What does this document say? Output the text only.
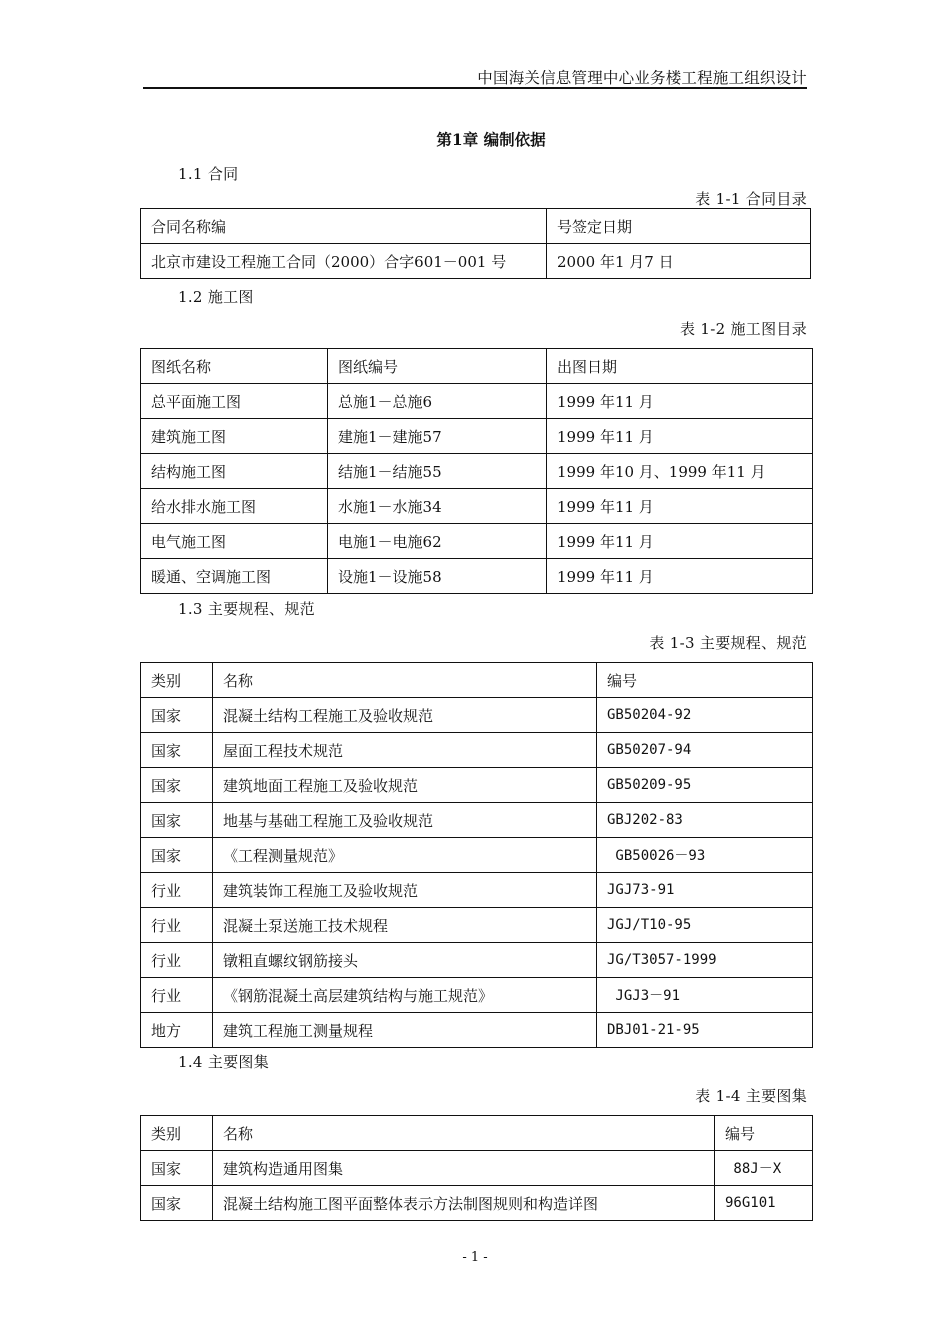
中国海关信息管理中心业务楼工程施工组织设计
第1章 编制依据
1.1 合同
表 1-1 合同目录
合同名称编	号签定日期
北京市建设工程施工合同（2000）合字601－001 号	2000 年1 月7 日
1.2 施工图
表 1-2 施工图目录
图纸名称	图纸编号	出图日期
总平面施工图	总施1－总施6	1999 年11 月
建筑施工图	建施1－建施57	1999 年11 月
结构施工图	结施1－结施55	1999 年10 月、1999 年11 月
给水排水施工图	水施1－水施34	1999 年11 月
电气施工图	电施1－电施62	1999 年11 月
暖通、空调施工图	设施1－设施58	1999 年11 月
1.3 主要规程、规范
表 1-3 主要规程、规范
类别	名称	编号
国家	混凝土结构工程施工及验收规范	GB50204-92
国家	屋面工程技术规范	GB50207-94
国家	建筑地面工程施工及验收规范	GB50209-95
国家	地基与基础工程施工及验收规范	GBJ202-83
国家	《工程测量规范》	GB50026－93
行业	建筑装饰工程施工及验收规范	JGJ73-91
行业	混凝土泵送施工技术规程	JGJ/T10-95
行业	镦粗直螺纹钢筋接头	JG/T3057-1999
行业	《钢筋混凝土高层建筑结构与施工规范》	JGJ3－91
地方	建筑工程施工测量规程	DBJ01-21-95
1.4 主要图集
表 1-4 主要图集
类别	名称	编号
国家	建筑构造通用图集	88J－X
国家	混凝土结构施工图平面整体表示方法制图规则和构造详图	96G101
- 1 -
